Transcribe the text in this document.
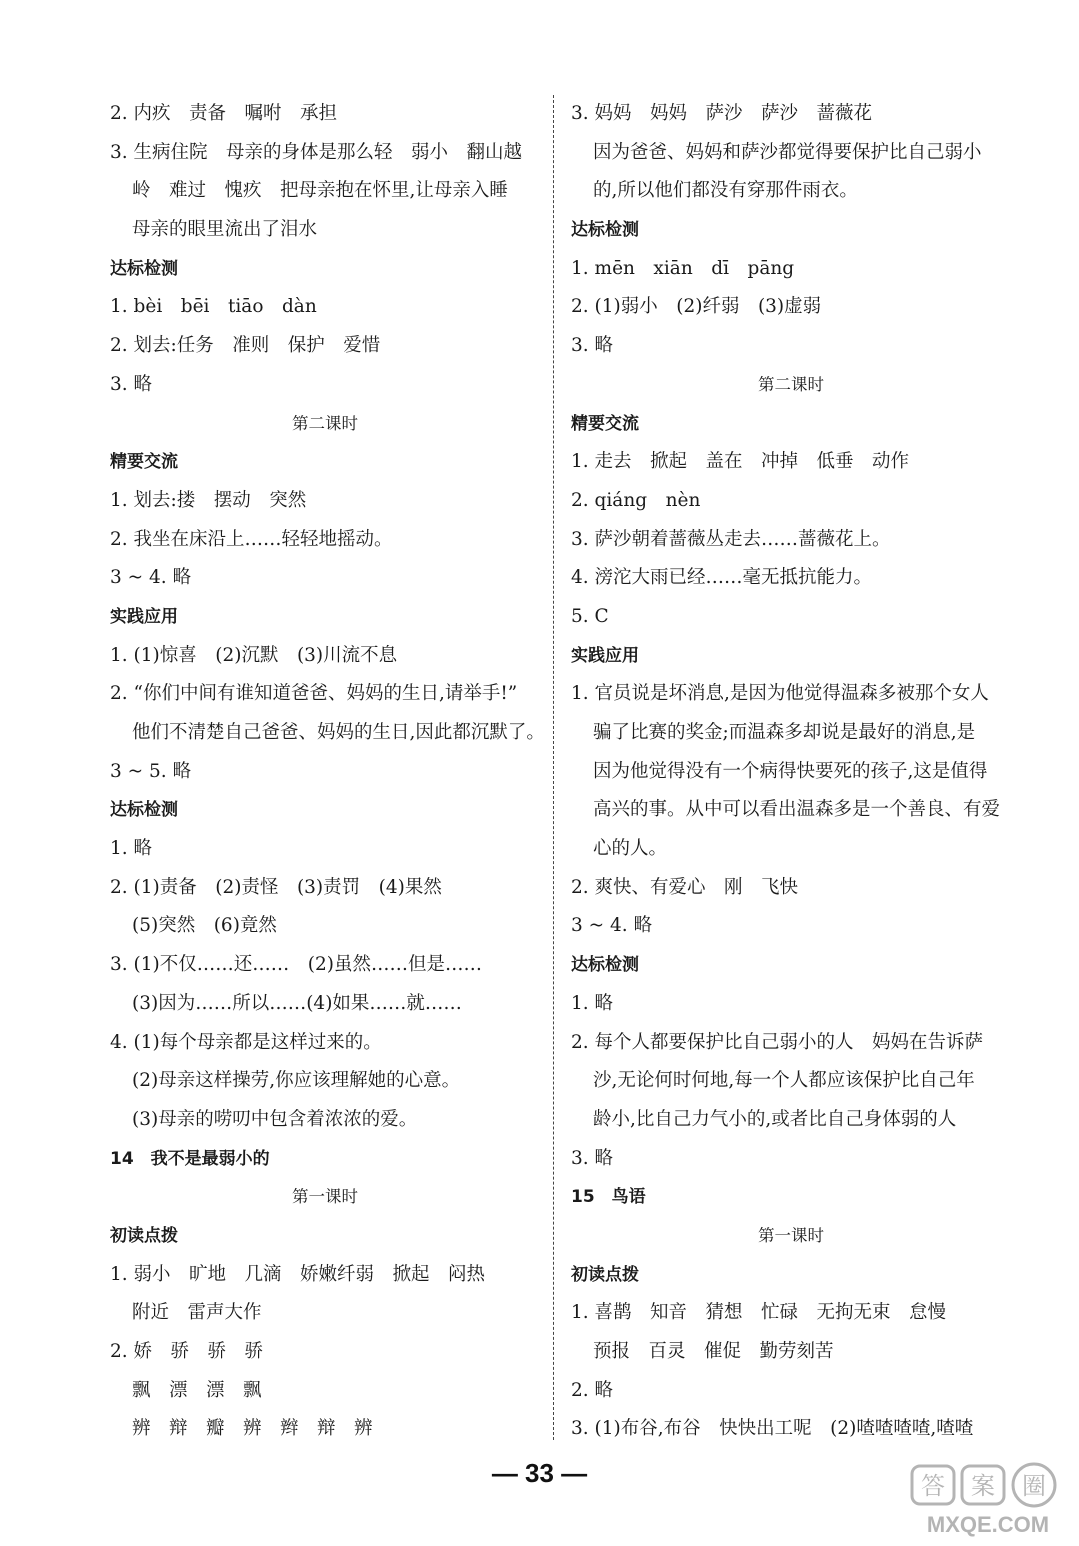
2. 内疚　责备　嘱咐　承担
3. 生病住院　母亲的身体是那么轻　弱小　翻山越
岭　难过　愧疚　把母亲抱在怀里,让母亲入睡
母亲的眼里流出了泪水
达标检测
1. bèi　bēi　tiāo　dàn
2. 划去:任务　准则　保护　爱惜
3. 略
第二课时
精要交流
1. 划去:搂　摆动　突然
2. 我坐在床沿上……轻轻地摇动。
3 ~ 4. 略
实践应用
1. (1)惊喜　(2)沉默　(3)川流不息
2. “你们中间有谁知道爸爸、妈妈的生日,请举手!”
他们不清楚自己爸爸、妈妈的生日,因此都沉默了。
3 ~ 5. 略
达标检测
1. 略
2. (1)责备　(2)责怪　(3)责罚　(4)果然
(5)突然　(6)竟然
3. (1)不仅……还……　(2)虽然……但是……
(3)因为……所以……(4)如果……就……
4. (1)每个母亲都是这样过来的。
(2)母亲这样操劳,你应该理解她的心意。
(3)母亲的唠叨中包含着浓浓的爱。
14　我不是最弱小的
第一课时
初读点拨
1. 弱小　旷地　几滴　娇嫩纤弱　掀起　闷热
附近　雷声大作
2. 娇　骄　骄　骄
飘　漂　漂　飘
辨　辩　瓣　辨　辫　辩　辨
3. 妈妈　妈妈　萨沙　萨沙　蔷薇花
因为爸爸、妈妈和萨沙都觉得要保护比自己弱小
的,所以他们都没有穿那件雨衣。
达标检测
1. mēn　xiān　dī　pāng
2. (1)弱小　(2)纤弱　(3)虚弱
3. 略
第二课时
精要交流
1. 走去　掀起　盖在　冲掉　低垂　动作
2. qiáng　nèn
3. 萨沙朝着蔷薇丛走去……蔷薇花上。
4. 滂沱大雨已经……毫无抵抗能力。
5. C
实践应用
1. 官员说是坏消息,是因为他觉得温森多被那个女人
骗了比赛的奖金;而温森多却说是最好的消息,是
因为他觉得没有一个病得快要死的孩子,这是值得
高兴的事。从中可以看出温森多是一个善良、有爱
心的人。
2. 爽快、有爱心　刚　飞快
3 ~ 4. 略
达标检测
1. 略
2. 每个人都要保护比自己弱小的人　妈妈在告诉萨
沙,无论何时何地,每一个人都应该保护比自己年
龄小,比自己力气小的,或者比自己身体弱的人
3. 略
15　鸟语
第一课时
初读点拨
1. 喜鹊　知音　猜想　忙碌　无拘无束　怠慢
预报　百灵　催促　勤劳刻苦
2. 略
3. (1)布谷,布谷　快快出工呢　(2)喳喳喳喳,喳喳
— 33 —	答 案 圈
MXQE.COM
